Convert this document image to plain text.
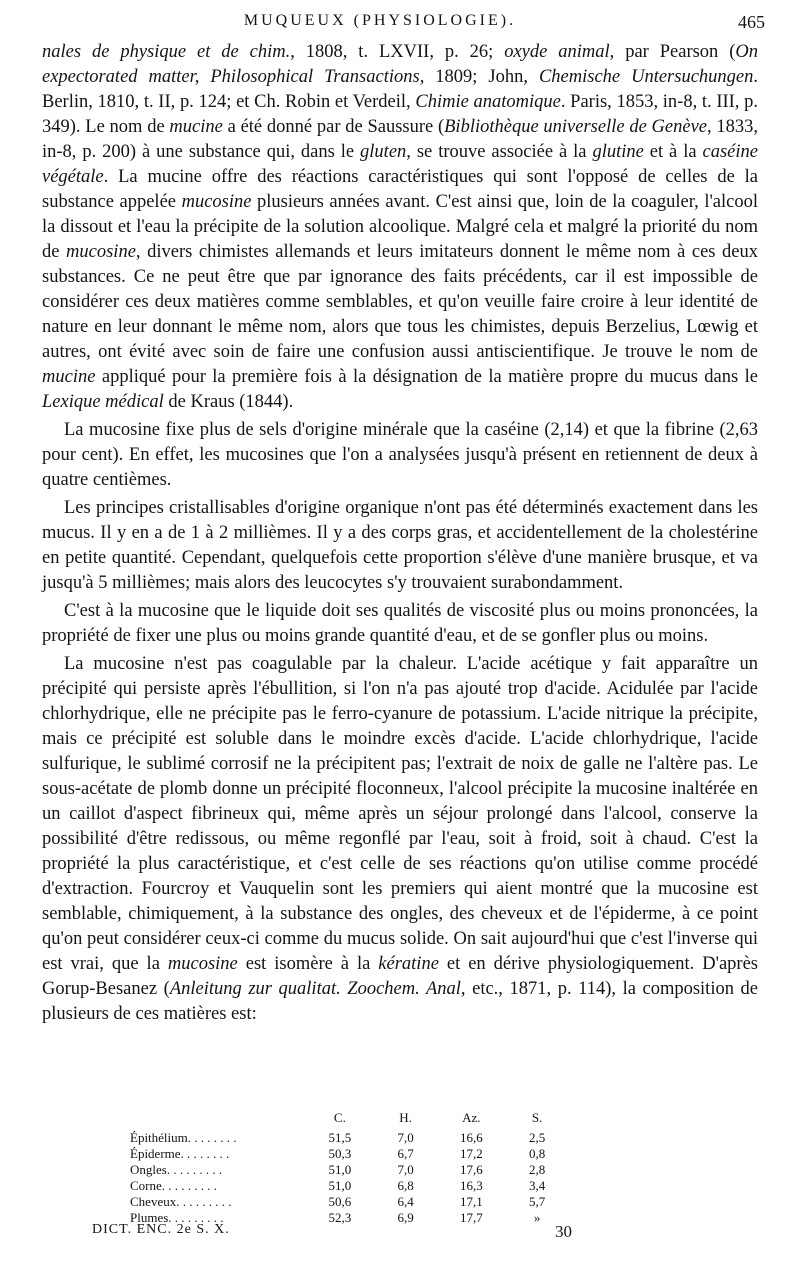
MUQUEUX (PHYSIOLOGIE).	465

nales de physique et de chim., 1808, t. LXVII, p. 26; oxyde animal, par Pearson (On expectorated matter, Philosophical Transactions, 1809; John, Chemische Untersuchungen. Berlin, 1810, t. II, p. 124; et Ch. Robin et Verdeil, Chimie anatomique. Paris, 1853, in-8, t. III, p. 349). Le nom de mucine a été donné par de Saussure (Bibliothèque universelle de Genève, 1833, in-8, p. 200) à une substance qui, dans le gluten, se trouve associée à la glutine et à la caséine végétale. La mucine offre des réactions caractéristiques qui sont l'opposé de celles de la substance appelée mucosine plusieurs années avant. C'est ainsi que, loin de la coaguler, l'alcool la dissout et l'eau la précipite de la solution alcoolique. Malgré cela et malgré la priorité du nom de mucosine, divers chimistes allemands et leurs imitateurs donnent le même nom à ces deux substances. Ce ne peut être que par ignorance des faits précédents, car il est impossible de considérer ces deux matières comme semblables, et qu'on veuille faire croire à leur identité de nature en leur donnant le même nom, alors que tous les chimistes, depuis Berzelius, Lœwig et autres, ont évité avec soin de faire une confusion aussi antiscientifique. Je trouve le nom de mucine appliqué pour la première fois à la désignation de la matière propre du mucus dans le Lexique médical de Kraus (1844).

La mucosine fixe plus de sels d'origine minérale que la caséine (2,14) et que la fibrine (2,63 pour cent). En effet, les mucosines que l'on a analysées jusqu'à présent en retiennent de deux à quatre centièmes.

Les principes cristallisables d'origine organique n'ont pas été déterminés exactement dans les mucus. Il y en a de 1 à 2 millièmes. Il y a des corps gras, et accidentellement de la cholestérine en petite quantité. Cependant, quelquefois cette proportion s'élève d'une manière brusque, et va jusqu'à 5 millièmes; mais alors des leucocytes s'y trouvaient surabondamment.

C'est à la mucosine que le liquide doit ses qualités de viscosité plus ou moins prononcées, la propriété de fixer une plus ou moins grande quantité d'eau, et de se gonfler plus ou moins.

La mucosine n'est pas coagulable par la chaleur. L'acide acétique y fait apparaître un précipité qui persiste après l'ébullition, si l'on n'a pas ajouté trop d'acide. Acidulée par l'acide chlorhydrique, elle ne précipite pas le ferro-cyanure de potassium. L'acide nitrique la précipite, mais ce précipité est soluble dans le moindre excès d'acide. L'acide chlorhydrique, l'acide sulfurique, le sublimé corrosif ne la précipitent pas; l'extrait de noix de galle ne l'altère pas. Le sous-acétate de plomb donne un précipité floconneux, l'alcool précipite la mucosine inaltérée en un caillot d'aspect fibrineux qui, même après un séjour prolongé dans l'alcool, conserve la possibilité d'être redissous, ou même regonflé par l'eau, soit à froid, soit à chaud. C'est la propriété la plus caractéristique, et c'est celle de ses réactions qu'on utilise comme procédé d'extraction. Fourcroy et Vauquelin sont les premiers qui aient montré que la mucosine est semblable, chimiquement, à la substance des ongles, des cheveux et de l'épiderme, à ce point qu'on peut considérer ceux-ci comme du mucus solide. On sait aujourd'hui que c'est l'inverse qui est vrai, que la mucosine est isomère à la kératine et en dérive physiologiquement. D'après Gorup-Besanez (Anleitung zur qualitat. Zoochem. Anal, etc., 1871, p. 114), la composition de plusieurs de ces matières est:

	C.	H.	Az.	S.
Épithélium. . . . . . . .	51,5	7,0	16,6	2,5
Épiderme. . . . . . . .	50,3	6,7	17,2	0,8
Ongles. . . . . . . . .	51,0	7,0	17,6	2,8
Corne. . . . . . . . .	51,0	6,8	16,3	3,4
Cheveux. . . . . . . . .	50,6	6,4	17,1	5,7
Plumes. . . . . . . . .	52,3	6,9	17,7	»
DICT. ENC. 2e S. X.	30
